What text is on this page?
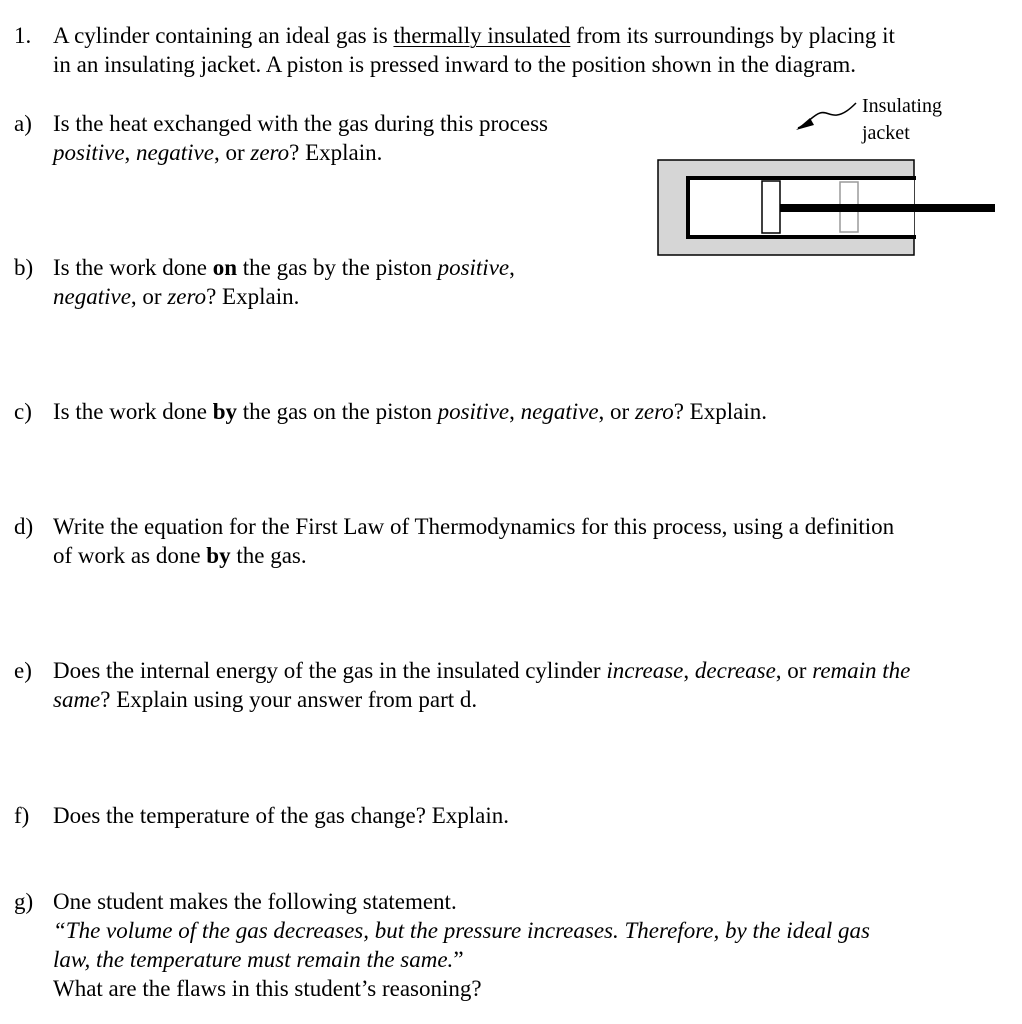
1. A cylinder containing an ideal gas is thermally insulated from its surroundings by placing it
in an insulating jacket. A piston is pressed inward to the position shown in the diagram.
a) Is the heat exchanged with the gas during this process
positive, negative, or zero? Explain.
Insulating
jacket
b) Is the work done on the gas by the piston positive,
negative, or zero? Explain.
c) Is the work done by the gas on the piston positive, negative, or zero? Explain.
d) Write the equation for the First Law of Thermodynamics for this process, using a definition
of work as done by the gas.
e) Does the internal energy of the gas in the insulated cylinder increase, decrease, or remain the
same? Explain using your answer from part d.
f) Does the temperature of the gas change? Explain.
g) One student makes the following statement.
“The volume of the gas decreases, but the pressure increases. Therefore, by the ideal gas
law, the temperature must remain the same.”
What are the flaws in this student’s reasoning?
